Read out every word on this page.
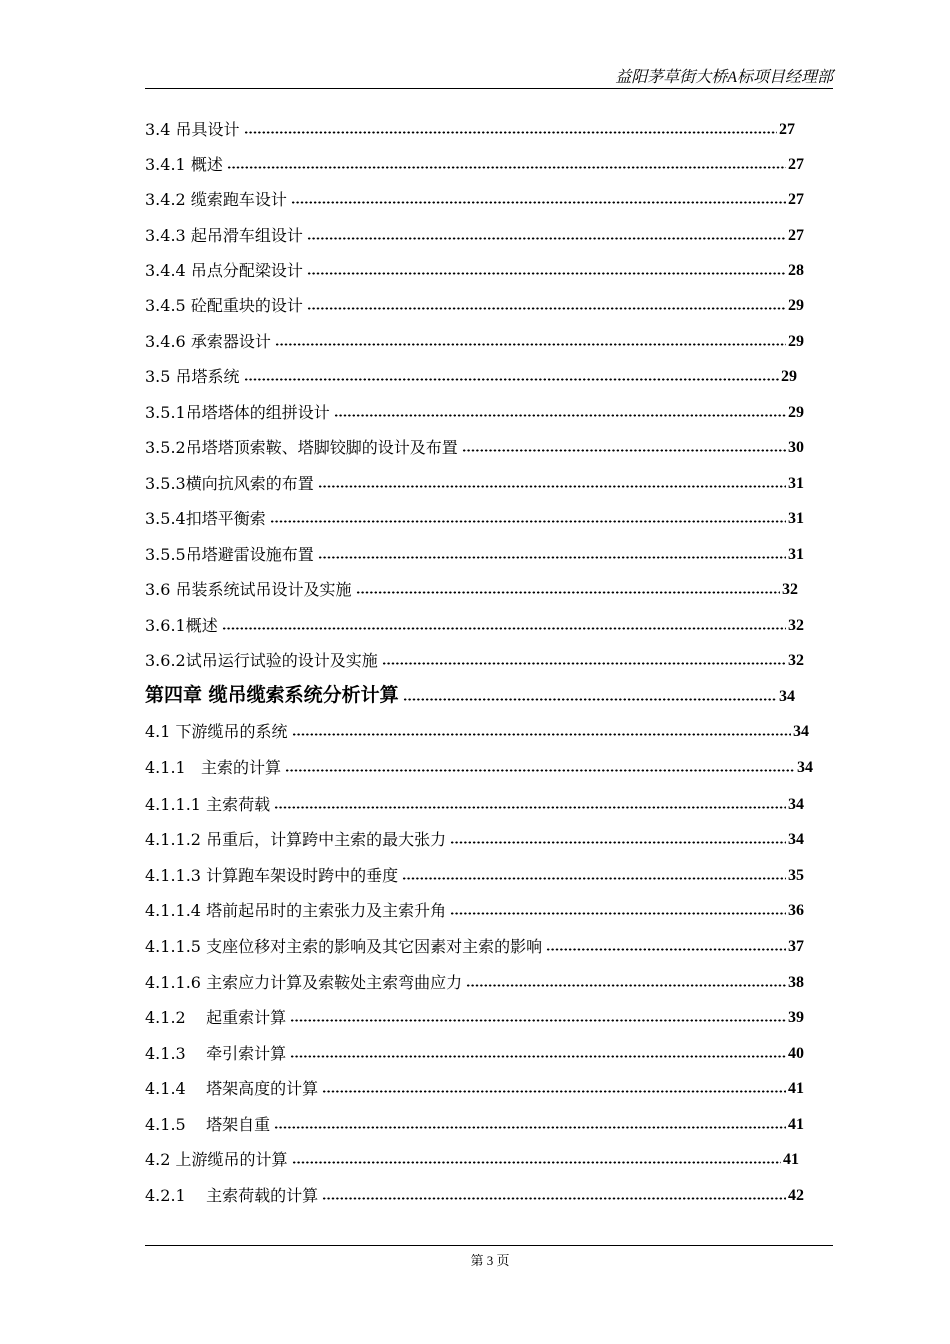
益阳茅草街大桥A标项目经理部
3.4 吊具设计	27
3.4.1 概述	27
3.4.2 缆索跑车设计	27
3.4.3 起吊滑车组设计	27
3.4.4 吊点分配梁设计	28
3.4.5 砼配重块的设计	29
3.4.6 承索器设计	29
3.5 吊塔系统	29
3.5.1吊塔塔体的组拼设计	29
3.5.2吊塔塔顶索鞍、塔脚铰脚的设计及布置	30
3.5.3横向抗风索的布置	31
3.5.4扣塔平衡索	31
3.5.5吊塔避雷设施布置	31
3.6 吊装系统试吊设计及实施	32
3.6.1概述	32
3.6.2试吊运行试验的设计及实施	32
第四章 缆吊缆索系统分析计算	34
4.1 下游缆吊的系统	34
4.1.1 主索的计算	34
4.1.1.1 主索荷载	34
4.1.1.2 吊重后，计算跨中主索的最大张力	34
4.1.1.3 计算跑车架设时跨中的垂度	35
4.1.1.4 塔前起吊时的主索张力及主索升角	36
4.1.1.5 支座位移对主索的影响及其它因素对主索的影响	37
4.1.1.6 主索应力计算及索鞍处主索弯曲应力	38
4.1.2 起重索计算	39
4.1.3 牵引索计算	40
4.1.4 塔架高度的计算	41
4.1.5 塔架自重	41
4.2 上游缆吊的计算	41
4.2.1 主索荷载的计算	42
第 3 页
